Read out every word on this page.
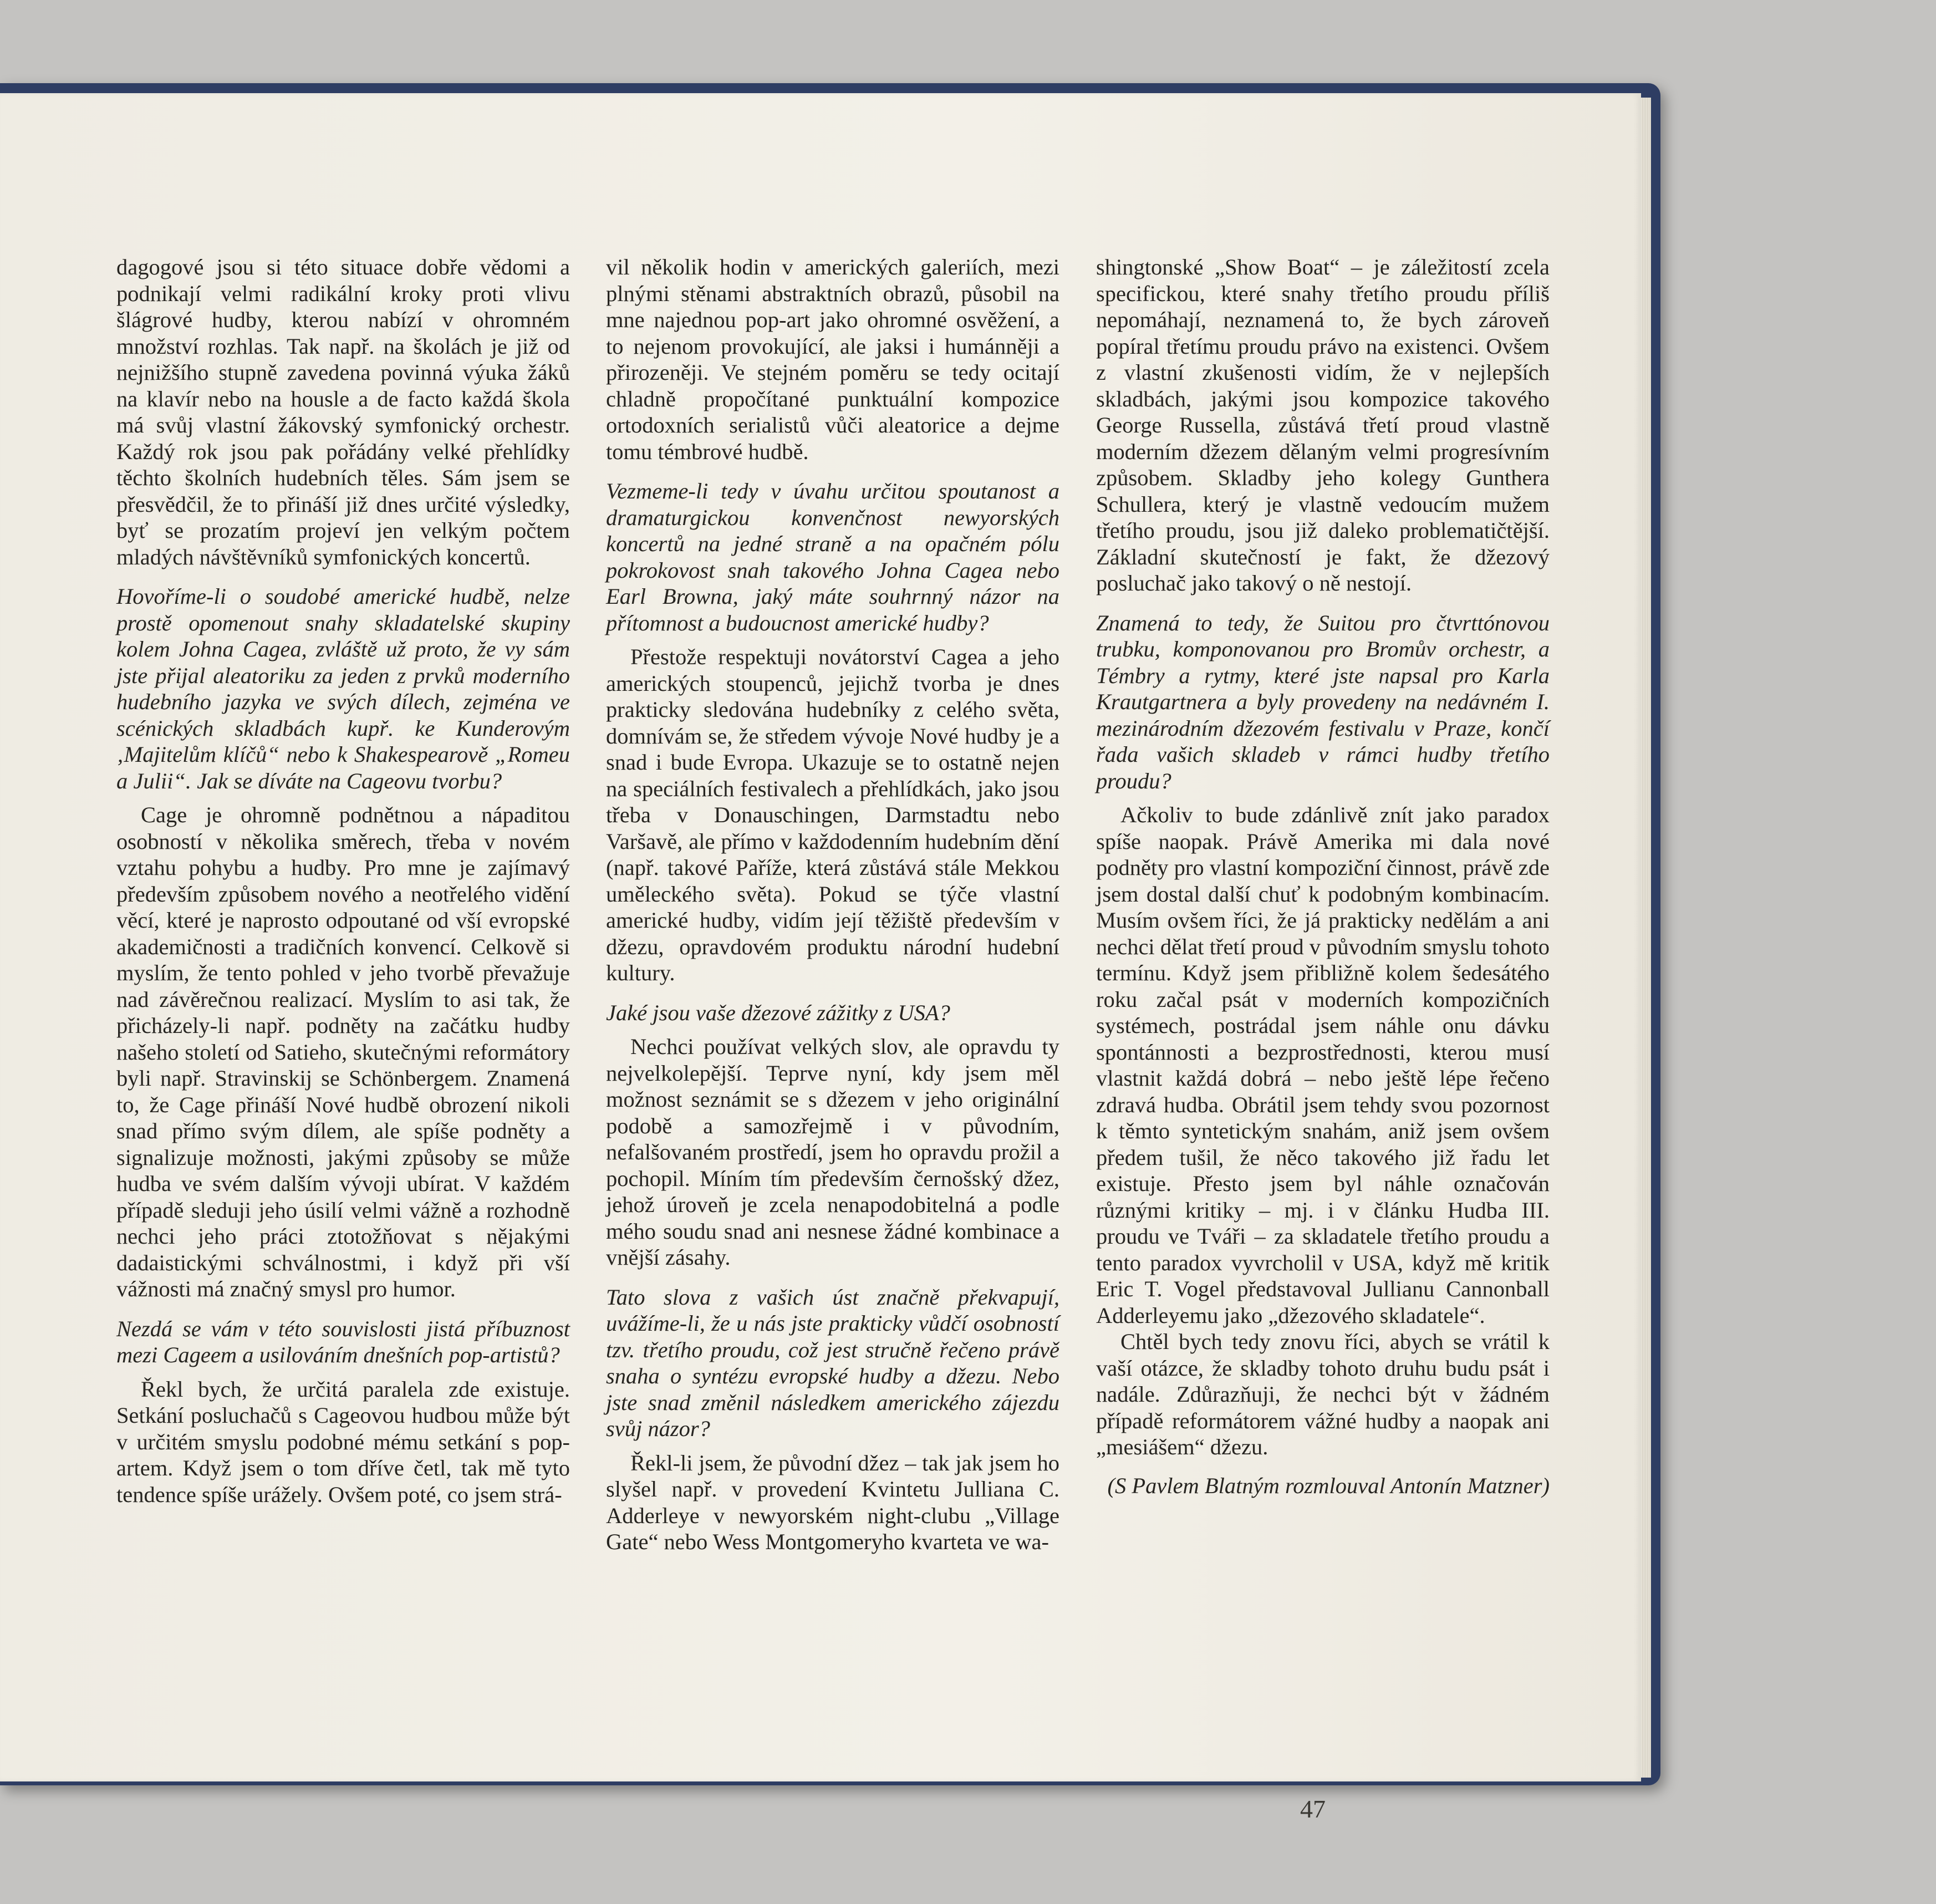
dagogové jsou si této situace dobře vědomi a podnikají velmi radikální kroky proti vlivu šlágrové hudby, kterou nabízí v ohromném množství rozhlas. Tak např. na školách je již od nejnižšího stupně zavedena povinná výuka žáků na klavír nebo na housle a de facto každá škola má svůj vlastní žákovský symfonický orchestr. Každý rok jsou pak pořádány velké přehlídky těchto školních hudebních těles. Sám jsem se přesvědčil, že to přináší již dnes určité výsledky, byť se prozatím projeví jen velkým počtem mladých návštěvníků symfonických koncertů.

Hovoříme-li o soudobé americké hudbě, nelze prostě opomenout snahy skladatelské skupiny kolem Johna Cagea, zvláště už proto, že vy sám jste přijal aleatoriku za jeden z prvků moderního hudebního jazyka ve svých dílech, zejména ve scénických skladbách kupř. ke Kunderovým ‚Majitelům klíčů“ nebo k Shakespearově „Romeu a Julii“. Jak se díváte na Cageovu tvorbu?

Cage je ohromně podnětnou a nápaditou osobností v několika směrech, třeba v novém vztahu pohybu a hudby. Pro mne je zajímavý především způsobem nového a neotřelého vidění věcí, které je naprosto odpoutané od vší evropské akademičnosti a tradičních konvencí. Celkově si myslím, že tento pohled v jeho tvorbě převažuje nad závěrečnou realizací. Myslím to asi tak, že přicházely-li např. podněty na začátku hudby našeho století od Satieho, skutečnými reformátory byli např. Stravinskij se Schönbergem. Znamená to, že Cage přináší Nové hudbě obrození nikoli snad přímo svým dílem, ale spíše podněty a signalizuje možnosti, jakými způsoby se může hudba ve svém dalším vývoji ubírat. V každém případě sleduji jeho úsilí velmi vážně a rozhodně nechci jeho práci ztotožňovat s nějakými dadaistickými schválnostmi, i když při vší vážnosti má značný smysl pro humor.

Nezdá se vám v této souvislosti jistá příbuznost mezi Cageem a usilováním dnešních pop-artistů?

Řekl bych, že určitá paralela zde existuje. Setkání posluchačů s Cageovou hudbou může být v určitém smyslu podobné mému setkání s pop-artem. Když jsem o tom dříve četl, tak mě tyto tendence spíše urážely. Ovšem poté, co jsem strá-

vil několik hodin v amerických galeriích, mezi plnými stěnami abstraktních obrazů, působil na mne najednou pop-art jako ohromné osvěžení, a to nejenom provokující, ale jaksi i humánněji a přirozeněji. Ve stejném poměru se tedy ocitají chladně propočítané punktuální kompozice ortodoxních serialistů vůči aleatorice a dejme tomu témbrové hudbě.

Vezmeme-li tedy v úvahu určitou spoutanost a dramaturgickou konvenčnost newyorských koncertů na jedné straně a na opačném pólu pokrokovost snah takového Johna Cagea nebo Earl Browna, jaký máte souhrnný názor na přítomnost a budoucnost americké hudby?

Přestože respektuji novátorství Cagea a jeho amerických stoupenců, jejichž tvorba je dnes prakticky sledována hudebníky z celého světa, domnívám se, že středem vývoje Nové hudby je a snad i bude Evropa. Ukazuje se to ostatně nejen na speciálních festivalech a přehlídkách, jako jsou třeba v Donauschingen, Darmstadtu nebo Varšavě, ale přímo v každodenním hudebním dění (např. takové Paříže, která zůstává stále Mekkou uměleckého světa). Pokud se týče vlastní americké hudby, vidím její těžiště především v džezu, opravdovém produktu národní hudební kultury.

Jaké jsou vaše džezové zážitky z USA?

Nechci používat velkých slov, ale opravdu ty nejvelkolepější. Teprve nyní, kdy jsem měl možnost seznámit se s džezem v jeho originální podobě a samozřejmě i v původním, nefalšovaném prostředí, jsem ho opravdu prožil a pochopil. Míním tím především černošský džez, jehož úroveň je zcela nenapodobitelná a podle mého soudu snad ani nesnese žádné kombinace a vnější zásahy.

Tato slova z vašich úst značně překvapují, uvážíme-li, že u nás jste prakticky vůdčí osobností tzv. třetího proudu, což jest stručně řečeno právě snaha o syntézu evropské hudby a džezu. Nebo jste snad změnil následkem amerického zájezdu svůj názor?

Řekl-li jsem, že původní džez – tak jak jsem ho slyšel např. v provedení Kvintetu Julliana C. Adderleye v newyorském night-clubu „Village Gate“ nebo Wess Montgomeryho kvarteta ve wa-

shingtonské „Show Boat“ – je záležitostí zcela specifickou, které snahy třetího proudu příliš nepomáhají, neznamená to, že bych zároveň popíral třetímu proudu právo na existenci. Ovšem z vlastní zkušenosti vidím, že v nejlepších skladbách, jakými jsou kompozice takového George Russella, zůstává třetí proud vlastně moderním džezem dělaným velmi progresívním způsobem. Skladby jeho kolegy Gunthera Schullera, který je vlastně vedoucím mužem třetího proudu, jsou již daleko problematičtější. Základní skutečností je fakt, že džezový posluchač jako takový o ně nestojí.

Znamená to tedy, že Suitou pro čtvrttónovou trubku, komponovanou pro Bromův orchestr, a Témbry a rytmy, které jste napsal pro Karla Krautgartnera a byly provedeny na nedávném I. mezinárodním džezovém festivalu v Praze, končí řada vašich skladeb v rámci hudby třetího proudu?

Ačkoliv to bude zdánlivě znít jako paradox spíše naopak. Právě Amerika mi dala nové podněty pro vlastní kompoziční činnost, právě zde jsem dostal další chuť k podobným kombinacím. Musím ovšem říci, že já prakticky nedělám a ani nechci dělat třetí proud v původním smyslu tohoto termínu. Když jsem přibližně kolem šedesátého roku začal psát v moderních kompozičních systémech, postrádal jsem náhle onu dávku spontánnosti a bezprostřednosti, kterou musí vlastnit každá dobrá – nebo ještě lépe řečeno zdravá hudba. Obrátil jsem tehdy svou pozornost k těmto syntetickým snahám, aniž jsem ovšem předem tušil, že něco takového již řadu let existuje. Přesto jsem byl náhle označován různými kritiky – mj. i v článku Hudba III. proudu ve Tváři – za skladatele třetího proudu a tento paradox vyvrcholil v USA, když mě kritik Eric T. Vogel představoval Jullianu Cannonball Adderleyemu jako „džezového skladatele“.

Chtěl bych tedy znovu říci, abych se vrátil k vaší otázce, že skladby tohoto druhu budu psát i nadále. Zdůrazňuji, že nechci být v žádném případě reformátorem vážné hudby a naopak ani „mesiášem“ džezu.

(S Pavlem Blatným rozmlouval Antonín Matzner)

47
